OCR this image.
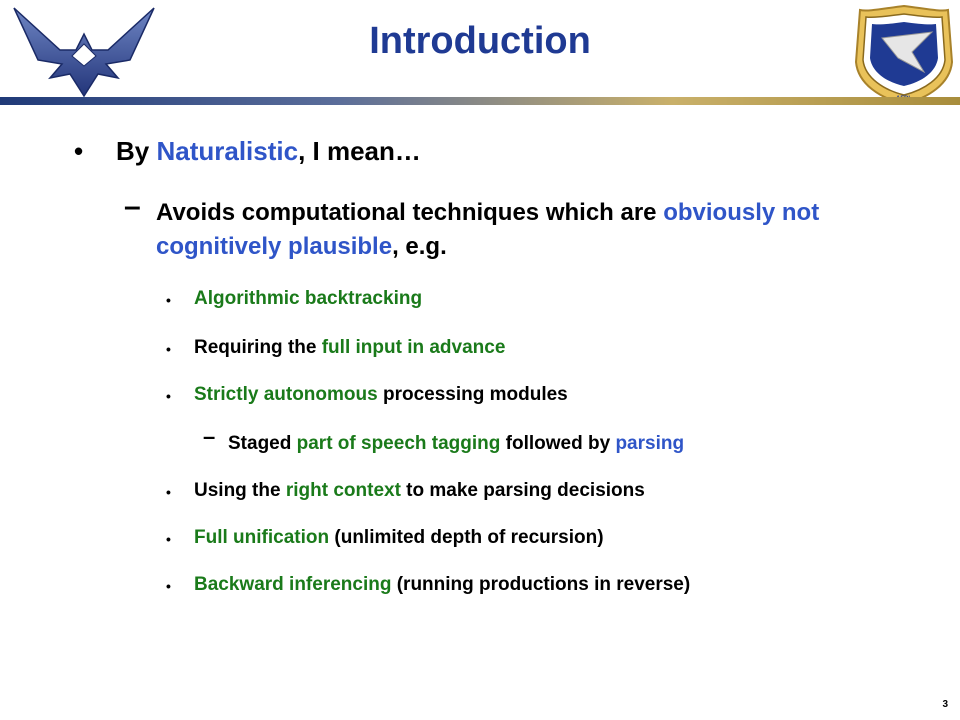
Introduction
• By Naturalistic, I mean…
– Avoids computational techniques which are obviously not cognitively plausible, e.g.
• Algorithmic backtracking
• Requiring the full input in advance
• Strictly autonomous processing modules
– Staged part of speech tagging followed by parsing
• Using the right context to make parsing decisions
• Full unification (unlimited depth of recursion)
• Backward inferencing (running productions in reverse)
3
